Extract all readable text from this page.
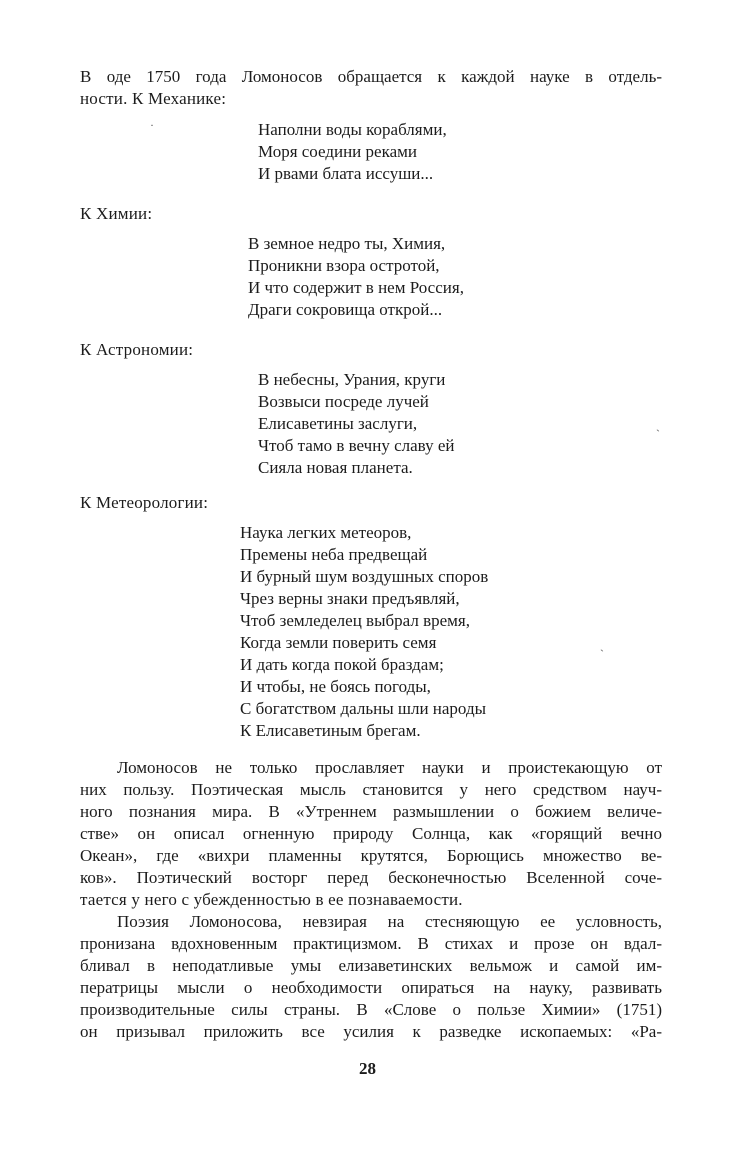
В оде 1750 года Ломоносов обращается к каждой науке в отдель-
ности. К Механике:
Наполни воды кораблями,
Моря соедини реками
И рвами блата иссуши...
К Химии:
В земное недро ты, Химия,
Проникни взора остротой,
И что содержит в нем Россия,
Драги сокровища открой...
К Астрономии:
В небесны, Урания, круги
Возвыси посреде лучей
Елисаветины заслуги,
Чтоб тамо в вечну славу ей
Сияла новая планета.
К Метеорологии:
Наука легких метеоров,
Премены неба предвещай
И бурный шум воздушных споров
Чрез верны знаки предъявляй,
Чтоб земледелец выбрал время,
Когда земли поверить семя
И дать когда покой браздам;
И чтобы, не боясь погоды,
С богатством дальны шли народы
К Елисаветиным брегам.
Ломоносов не только прославляет науки и проистекающую от
них пользу. Поэтическая мысль становится у него средством науч-
ного познания мира. В «Утреннем размышлении о божием величе-
стве» он описал огненную природу Солнца, как «горящий вечно
Океан», где «вихри пламенны крутятся, Борющись множество ве-
ков». Поэтический восторг перед бесконечностью Вселенной соче-
тается у него с убежденностью в ее познаваемости.
Поэзия Ломоносова, невзирая на стесняющую ее условность,
пронизана вдохновенным практицизмом. В стихах и прозе он вдал-
бливал в неподатливые умы елизаветинских вельмож и самой им-
ператрицы мысли о необходимости опираться на науку, развивать
производительные силы страны. В «Слове о пользе Химии» (1751)
он призывал приложить все усилия к разведке ископаемых: «Ра-
28
·
ˏ
ˏ
